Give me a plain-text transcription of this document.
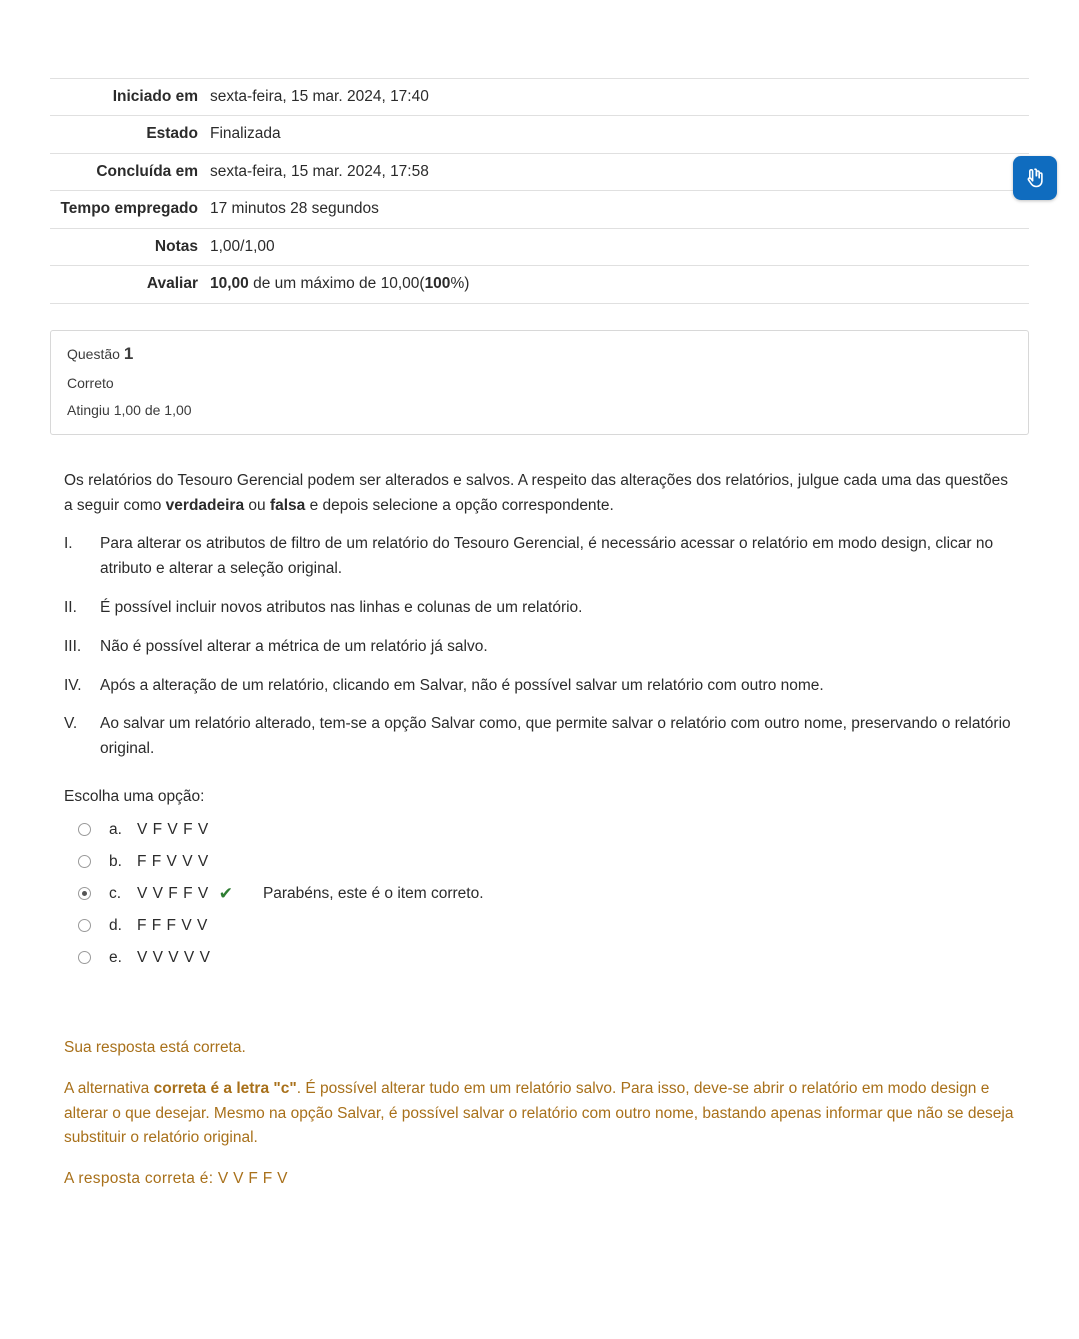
Iniciado em	sexta-feira, 15 mar. 2024, 17:40
Estado	Finalizada
Concluída em	sexta-feira, 15 mar. 2024, 17:58
Tempo empregado	17 minutos 28 segundos
Notas	1,00/1,00
Avaliar	10,00 de um máximo de 10,00(100%)
Questão 1
Correto
Atingiu 1,00 de 1,00

Os relatórios do Tesouro Gerencial podem ser alterados e salvos. A respeito das alterações dos relatórios, julgue cada uma das questões a seguir como verdadeira ou falsa e depois selecione a opção correspondente.

I.	Para alterar os atributos de filtro de um relatório do Tesouro Gerencial, é necessário acessar o relatório em modo design, clicar no atributo e alterar a seleção original.
II.	É possível incluir novos atributos nas linhas e colunas de um relatório.
III.	Não é possível alterar a métrica de um relatório já salvo.
IV.	Após a alteração de um relatório, clicando em Salvar, não é possível salvar um relatório com outro nome.
V.	Ao salvar um relatório alterado, tem-se a opção Salvar como, que permite salvar o relatório com outro nome, preservando o relatório original.
Escolha uma opção:
a. V F V F V
b. F F V V V
c.	V V F F V ✔ Parabéns, este é o item correto.
d. F F F V V
e. V V V V V

Sua resposta está correta.

A alternativa correta é a letra "c". É possível alterar tudo em um relatório salvo. Para isso, deve-se abrir o relatório em modo design e alterar o que desejar. Mesmo na opção Salvar, é possível salvar o relatório com outro nome, bastando apenas informar que não se deseja substituir o relatório original.

A resposta correta é: V V F F V
